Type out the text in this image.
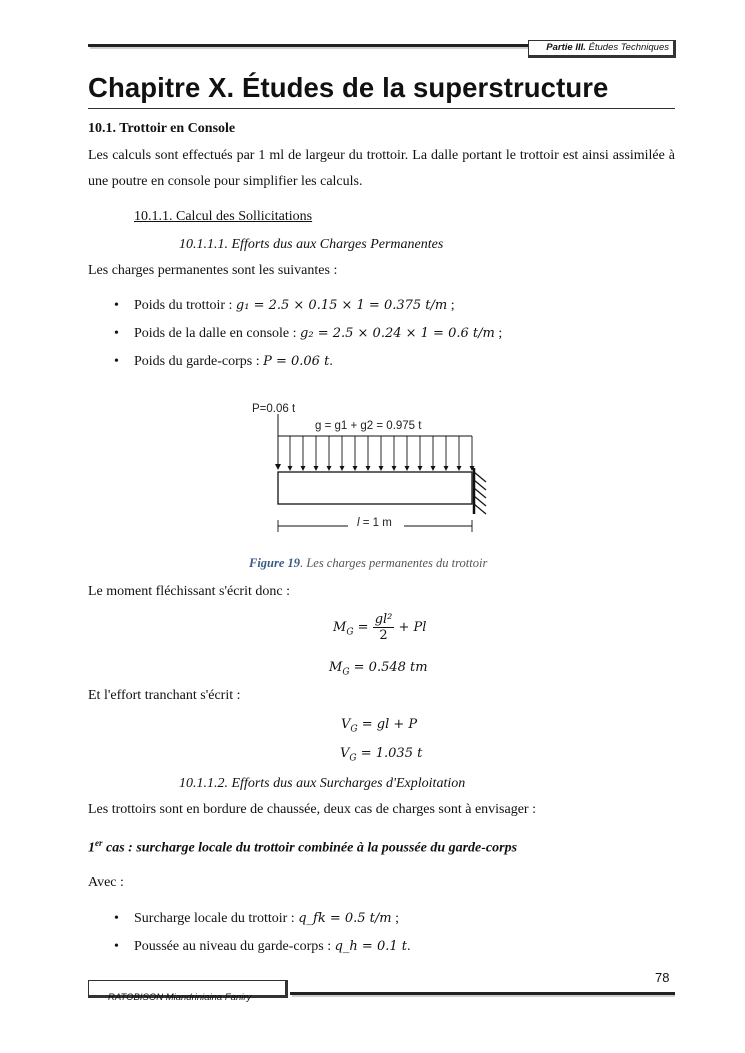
Partie III. Études Techniques
Chapitre X. Études de la superstructure
10.1. Trottoir en Console
Les calculs sont effectués par 1 ml de largeur du trottoir. La dalle portant le trottoir est ainsi assimilée à une poutre en console pour simplifier les calculs.
10.1.1. Calcul des Sollicitations
10.1.1.1. Efforts dus aux Charges Permanentes
Les charges permanentes sont les suivantes :
• Poids du trottoir : g₁ = 2.5 × 0.15 × 1 = 0.375 t/m ;
• Poids de la dalle en console : g₂ = 2.5 × 0.24 × 1 = 0.6 t/m ;
• Poids du garde-corps : P = 0.06 t.
P=0.06 t
g = g1 + g2 = 0.975 t
l = 1 m
Figure 19. Les charges permanentes du trottoir
Le moment fléchissant s'écrit donc :
$M_G = \frac{\text{gl²}}{2} + Pl$
$M_G = 0.548$ tm
Et l'effort tranchant s'écrit :
$V_G$ = gl + P
$V_G = 1.035$ t
10.1.1.2. Efforts dus aux Surcharges d'Exploitation
Les trottoirs sont en bordure de chaussée, deux cas de charges sont à envisager :
1er cas : surcharge locale du trottoir combinée à la poussée du garde-corps
Avec :
• Surcharge locale du trottoir : q_fk = 0.5 t/m ;
• Poussée au niveau du garde-corps : q_h = 0.1 t.
78
RATOBISON Miandriniaina Faniry
